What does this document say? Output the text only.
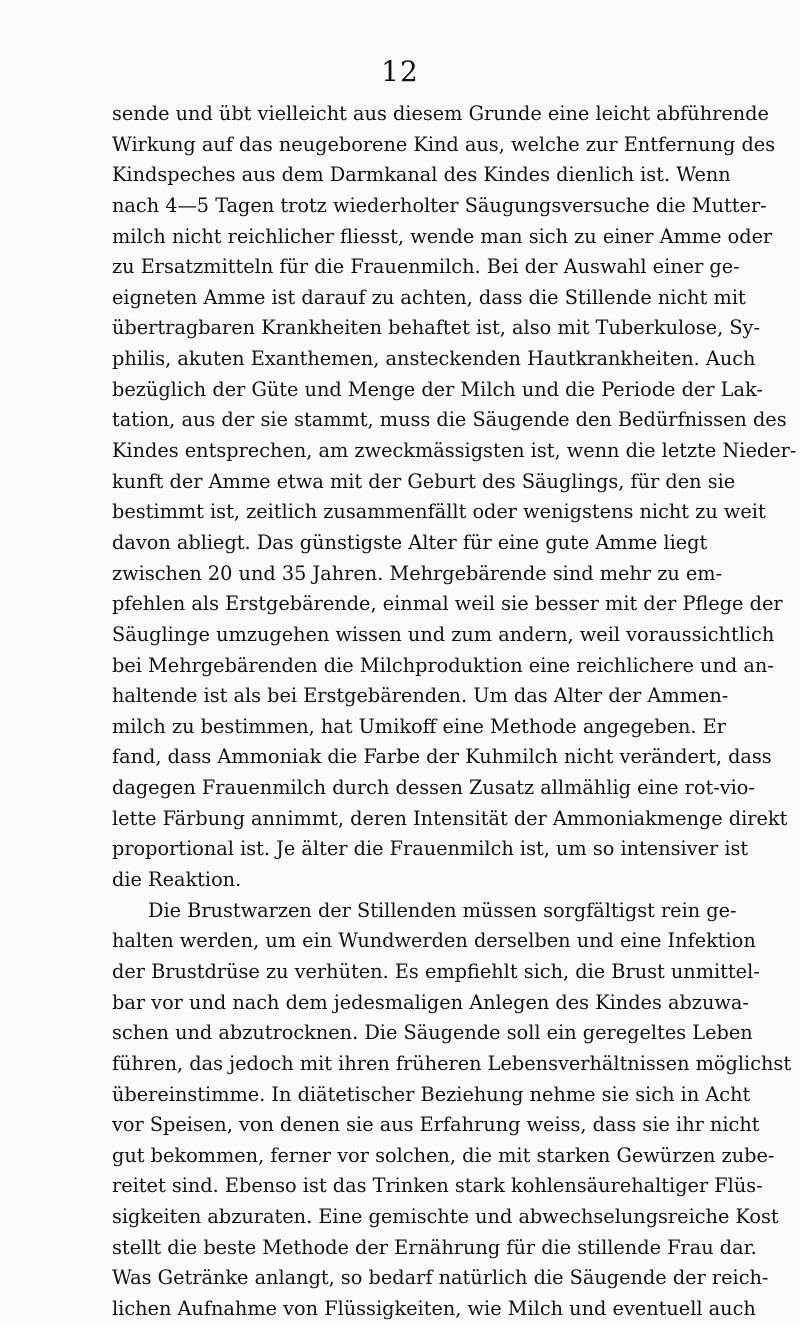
12
sende und übt vielleicht aus diesem Grunde eine leicht abführende
Wirkung auf das neugeborene Kind aus, welche zur Entfernung des
Kindspeches aus dem Darmkanal des Kindes dienlich ist. Wenn
nach 4—5 Tagen trotz wiederholter Säugungsversuche die Mutter-
milch nicht reichlicher fliesst, wende man sich zu einer Amme oder
zu Ersatzmitteln für die Frauenmilch. Bei der Auswahl einer ge-
eigneten Amme ist darauf zu achten, dass die Stillende nicht mit
übertragbaren Krankheiten behaftet ist, also mit Tuberkulose, Sy-
philis, akuten Exanthemen, ansteckenden Hautkrankheiten. Auch
bezüglich der Güte und Menge der Milch und die Periode der Lak-
tation, aus der sie stammt, muss die Säugende den Bedürfnissen des
Kindes entsprechen, am zweckmässigsten ist, wenn die letzte Nieder-
kunft der Amme etwa mit der Geburt des Säuglings, für den sie
bestimmt ist, zeitlich zusammenfällt oder wenigstens nicht zu weit
davon abliegt. Das günstigste Alter für eine gute Amme liegt
zwischen 20 und 35 Jahren. Mehrgebärende sind mehr zu em-
pfehlen als Erstgebärende, einmal weil sie besser mit der Pflege der
Säuglinge umzugehen wissen und zum andern, weil voraussichtlich
bei Mehrgebärenden die Milchproduktion eine reichlichere und an-
haltende ist als bei Erstgebärenden. Um das Alter der Ammen-
milch zu bestimmen, hat Umikoff eine Methode angegeben. Er
fand, dass Ammoniak die Farbe der Kuhmilch nicht verändert, dass
dagegen Frauenmilch durch dessen Zusatz allmählig eine rot-vio-
lette Färbung annimmt, deren Intensität der Ammoniakmenge direkt
proportional ist. Je älter die Frauenmilch ist, um so intensiver ist
die Reaktion.
Die Brustwarzen der Stillenden müssen sorgfältigst rein ge-
halten werden, um ein Wundwerden derselben und eine Infektion
der Brustdrüse zu verhüten. Es empfiehlt sich, die Brust unmittel-
bar vor und nach dem jedesmaligen Anlegen des Kindes abzuwa-
schen und abzutrocknen. Die Säugende soll ein geregeltes Leben
führen, das jedoch mit ihren früheren Lebensverhältnissen möglichst
übereinstimme. In diätetischer Beziehung nehme sie sich in Acht
vor Speisen, von denen sie aus Erfahrung weiss, dass sie ihr nicht
gut bekommen, ferner vor solchen, die mit starken Gewürzen zube-
reitet sind. Ebenso ist das Trinken stark kohlensäurehaltiger Flüs-
sigkeiten abzuraten. Eine gemischte und abwechselungsreiche Kost
stellt die beste Methode der Ernährung für die stillende Frau dar.
Was Getränke anlangt, so bedarf natürlich die Säugende der reich-
lichen Aufnahme von Flüssigkeiten, wie Milch und eventuell auch
